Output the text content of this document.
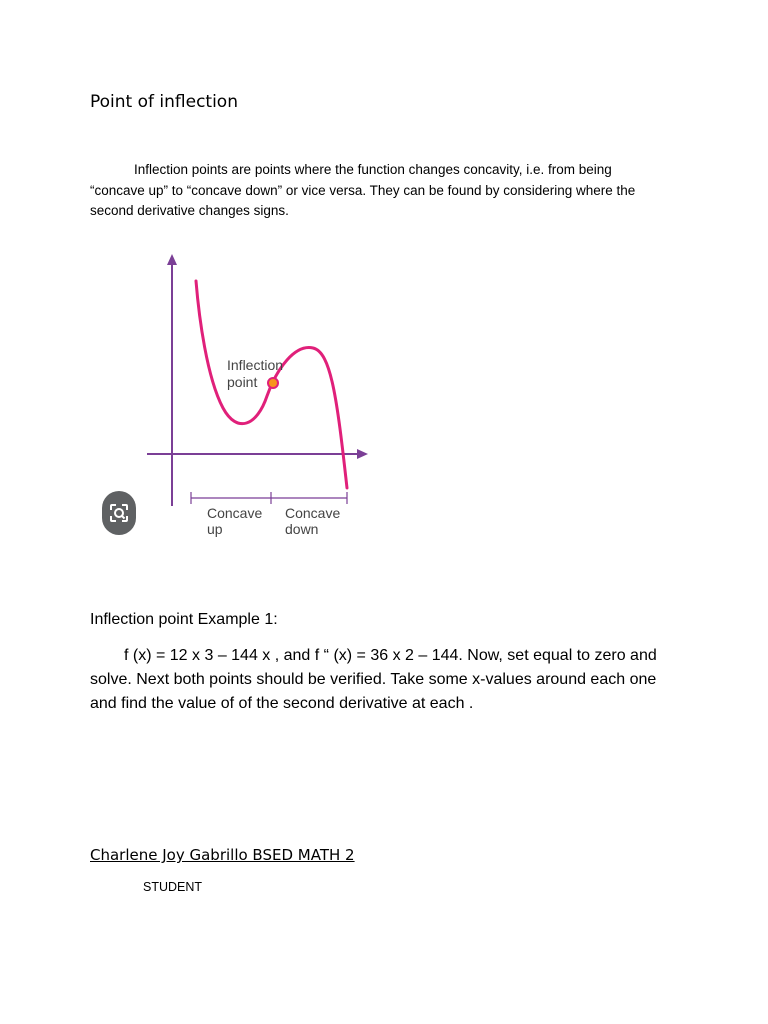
Point of inflection
Inflection points are points where the function changes concavity, i.e. from being “concave up” to “concave down” or vice versa. They can be found by considering where the second derivative changes signs.
Inflection
point
Concave
up
Concave
down
Inflection point Example 1:
f (x) = 12 x 3 – 144 x , and f “ (x) = 36 x 2 – 144. Now, set equal to zero and solve. Next both points should be verified. Take some x-values around each one and find the value of of the second derivative at each .
Charlene Joy Gabrillo BSED MATH 2
STUDENT
